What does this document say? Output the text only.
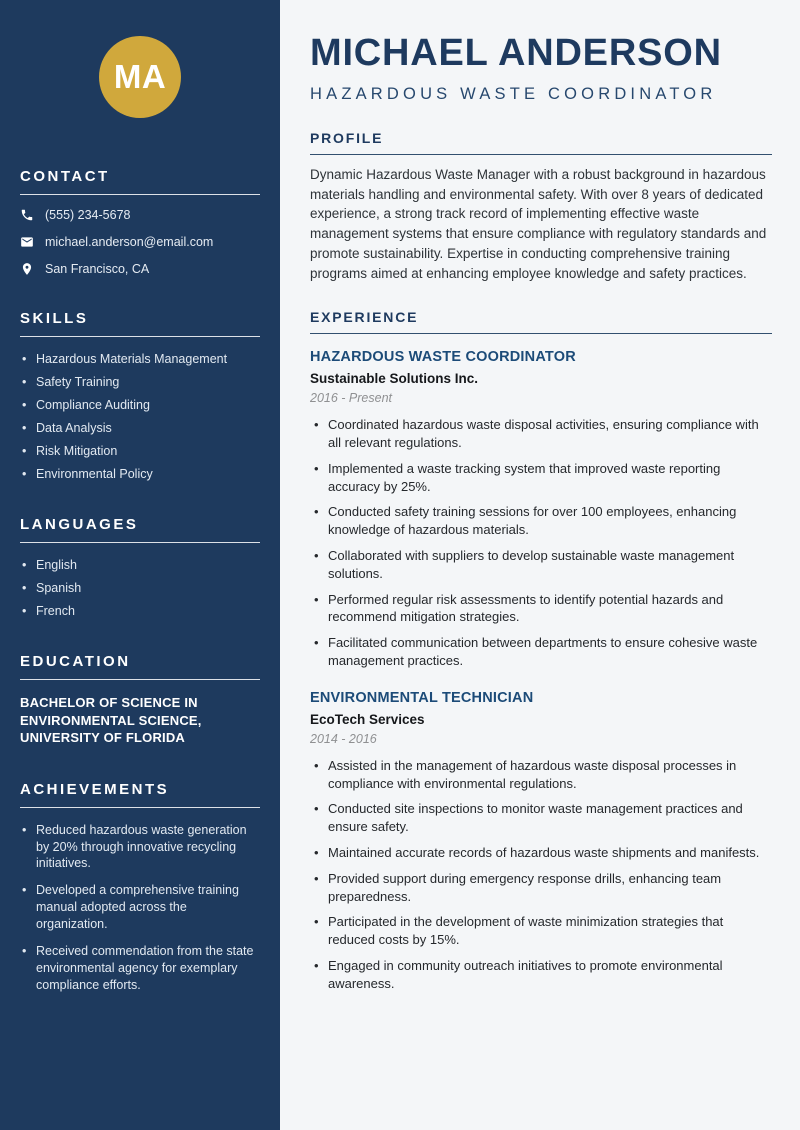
MA
CONTACT
(555) 234-5678
michael.anderson@email.com
San Francisco, CA
SKILLS
• Hazardous Materials Management
• Safety Training
• Compliance Auditing
• Data Analysis
• Risk Mitigation
• Environmental Policy
LANGUAGES
• English
• Spanish
• French
EDUCATION
BACHELOR OF SCIENCE IN ENVIRONMENTAL SCIENCE, UNIVERSITY OF FLORIDA
ACHIEVEMENTS
• Reduced hazardous waste generation by 20% through innovative recycling initiatives.
• Developed a comprehensive training manual adopted across the organization.
• Received commendation from the state environmental agency for exemplary compliance efforts.
MICHAEL ANDERSON
HAZARDOUS WASTE COORDINATOR
PROFILE

Dynamic Hazardous Waste Manager with a robust background in hazardous materials handling and environmental safety. With over 8 years of dedicated experience, a strong track record of implementing effective waste management systems that ensure compliance with regulatory standards and promote sustainability. Expertise in conducting comprehensive training programs aimed at enhancing employee knowledge and safety practices.

EXPERIENCE
HAZARDOUS WASTE COORDINATOR
Sustainable Solutions Inc.
2016 - Present
• Coordinated hazardous waste disposal activities, ensuring compliance with all relevant regulations.
• Implemented a waste tracking system that improved waste reporting accuracy by 25%.
• Conducted safety training sessions for over 100 employees, enhancing knowledge of hazardous materials.
• Collaborated with suppliers to develop sustainable waste management solutions.
• Performed regular risk assessments to identify potential hazards and recommend mitigation strategies.
• Facilitated communication between departments to ensure cohesive waste management practices.
ENVIRONMENTAL TECHNICIAN
EcoTech Services
2014 - 2016
• Assisted in the management of hazardous waste disposal processes in compliance with environmental regulations.
• Conducted site inspections to monitor waste management practices and ensure safety.
• Maintained accurate records of hazardous waste shipments and manifests.
• Provided support during emergency response drills, enhancing team preparedness.
• Participated in the development of waste minimization strategies that reduced costs by 15%.
• Engaged in community outreach initiatives to promote environmental awareness.
